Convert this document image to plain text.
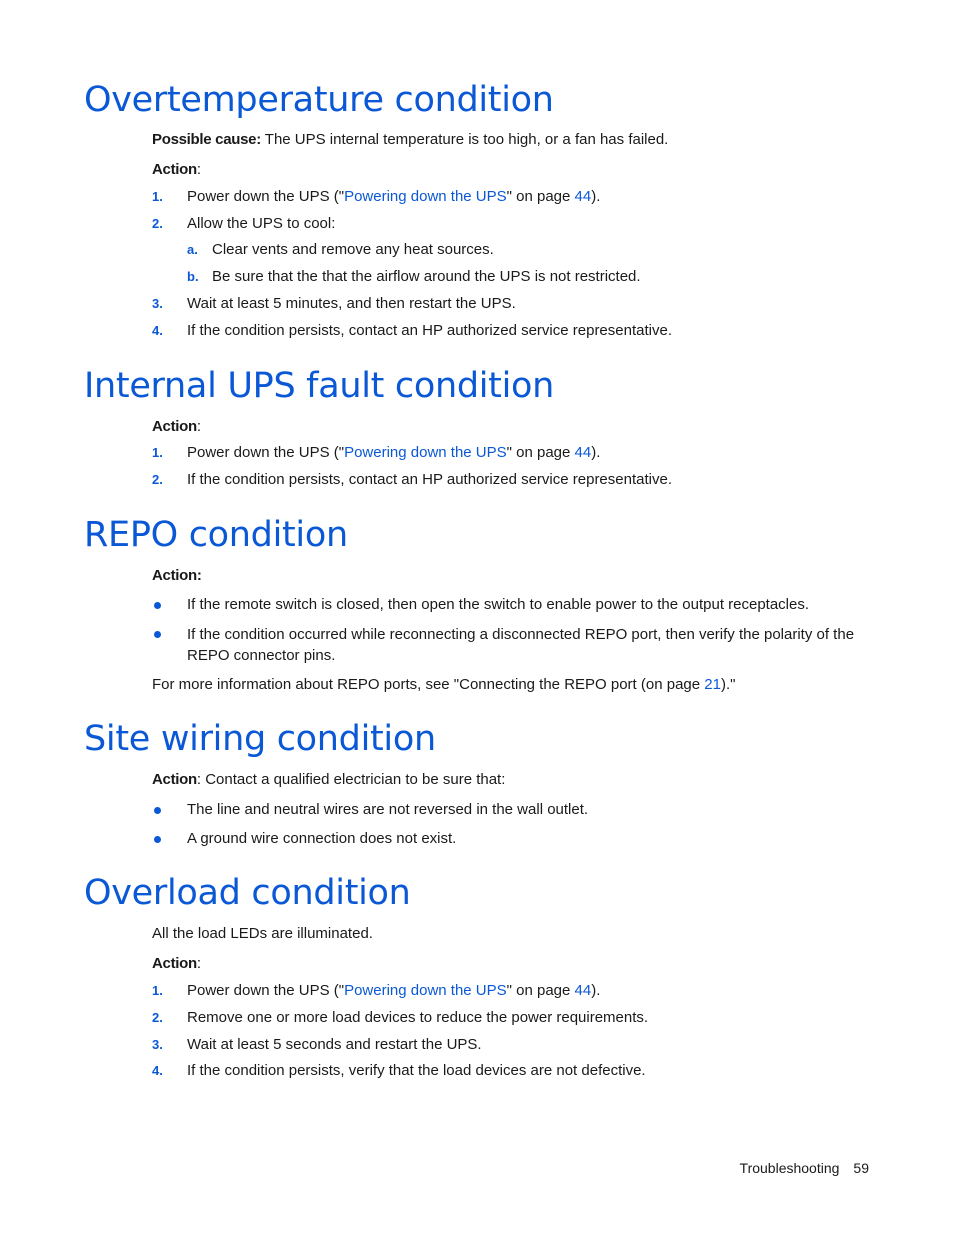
Overtemperature condition

Possible cause: The UPS internal temperature is too high, or a fan has failed.

Action:

1. Power down the UPS ("Powering down the UPS" on page 44).
2. Allow the UPS to cool:
a. Clear vents and remove any heat sources.
b. Be sure that the that the airflow around the UPS is not restricted.
3. Wait at least 5 minutes, and then restart the UPS.
4. If the condition persists, contact an HP authorized service representative.
Internal UPS fault condition

Action:

1. Power down the UPS ("Powering down the UPS" on page 44).
2. If the condition persists, contact an HP authorized service representative.
REPO condition

Action:

If the remote switch is closed, then open the switch to enable power to the output receptacles.
If the condition occurred while reconnecting a disconnected REPO port, then verify the polarity of the REPO connector pins.

For more information about REPO ports, see "Connecting the REPO port (on page 21)."

Site wiring condition

Action: Contact a qualified electrician to be sure that:

The line and neutral wires are not reversed in the wall outlet.
A ground wire connection does not exist.
Overload condition

All the load LEDs are illuminated.

Action:

1. Power down the UPS ("Powering down the UPS" on page 44).
2. Remove one or more load devices to reduce the power requirements.
3. Wait at least 5 seconds and restart the UPS.
4. If the condition persists, verify that the load devices are not defective.
Troubleshooting 59
